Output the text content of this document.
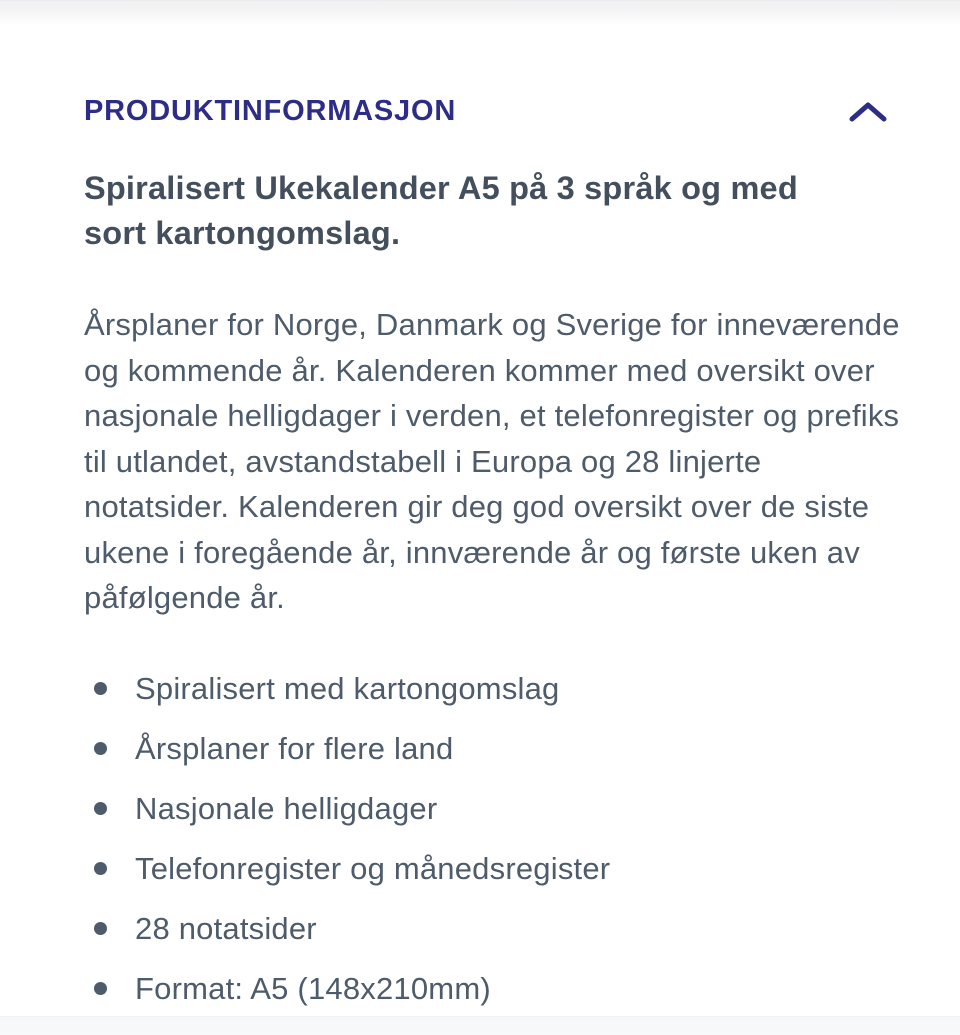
PRODUKTINFORMASJON
Spiralisert Ukekalender A5 på 3 språk og med sort kartongomslag.

Årsplaner for Norge, Danmark og Sverige for inneværende og kommende år. Kalenderen kommer med oversikt over nasjonale helligdager i verden, et telefonregister og prefiks til utlandet, avstandstabell i Europa og 28 linjerte notatsider. Kalenderen gir deg god oversikt over de siste ukene i foregående år, innværende år og første uken av påfølgende år.

Spiralisert med kartongomslag
Årsplaner for flere land
Nasjonale helligdager
Telefonregister og månedsregister
28 notatsider
Format: A5 (148x210mm)
